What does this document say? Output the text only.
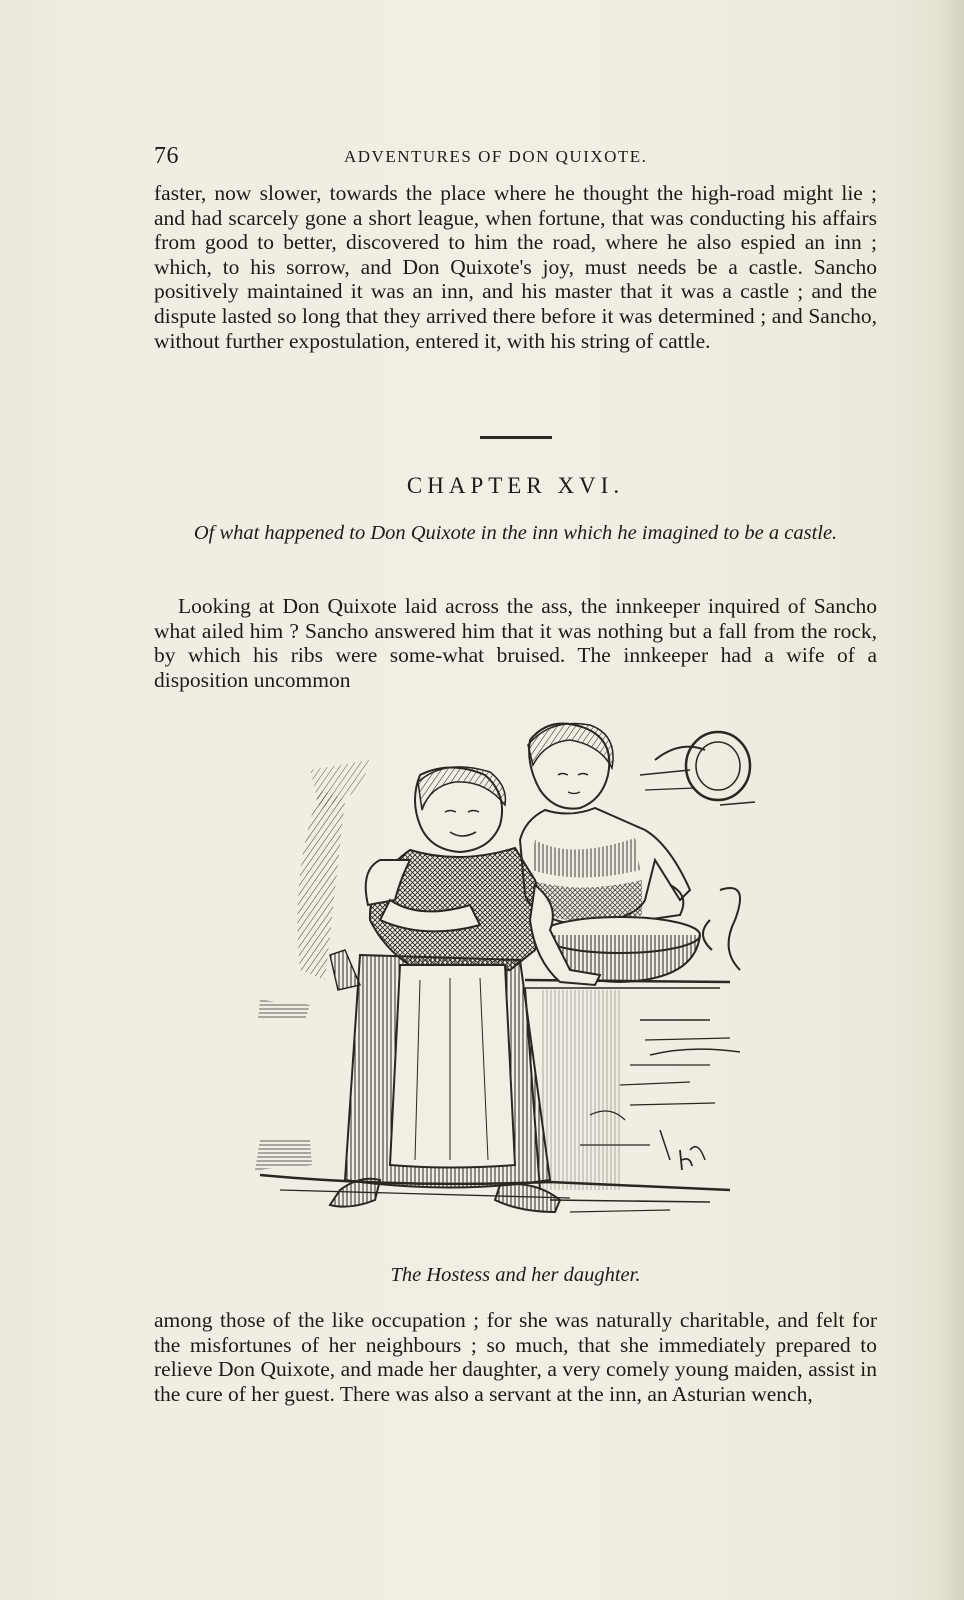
76	ADVENTURES OF DON QUIXOTE.

faster, now slower, towards the place where he thought the high-road might lie ; and had scarcely gone a short league, when fortune, that was conducting his affairs from good to better, discovered to him the road, where he also espied an inn ; which, to his sorrow, and Don Quixote's joy, must needs be a castle. Sancho positively maintained it was an inn, and his master that it was a castle ; and the dispute lasted so long that they arrived there before it was determined ; and Sancho, without further expostulation, entered it, with his string of cattle.

CHAPTER XVI.
Of what happened to Don Quixote in the inn which he imagined to be a castle.

Looking at Don Quixote laid across the ass, the innkeeper inquired of Sancho what ailed him ? Sancho answered him that it was nothing but a fall from the rock, by which his ribs were some-what bruised. The innkeeper had a wife of a disposition uncommon

The Hostess and her daughter.

among those of the like occupation ; for she was naturally charitable, and felt for the misfortunes of her neighbours ; so much, that she immediately prepared to relieve Don Quixote, and made her daughter, a very comely young maiden, assist in the cure of her guest. There was also a servant at the inn, an Asturian wench,
